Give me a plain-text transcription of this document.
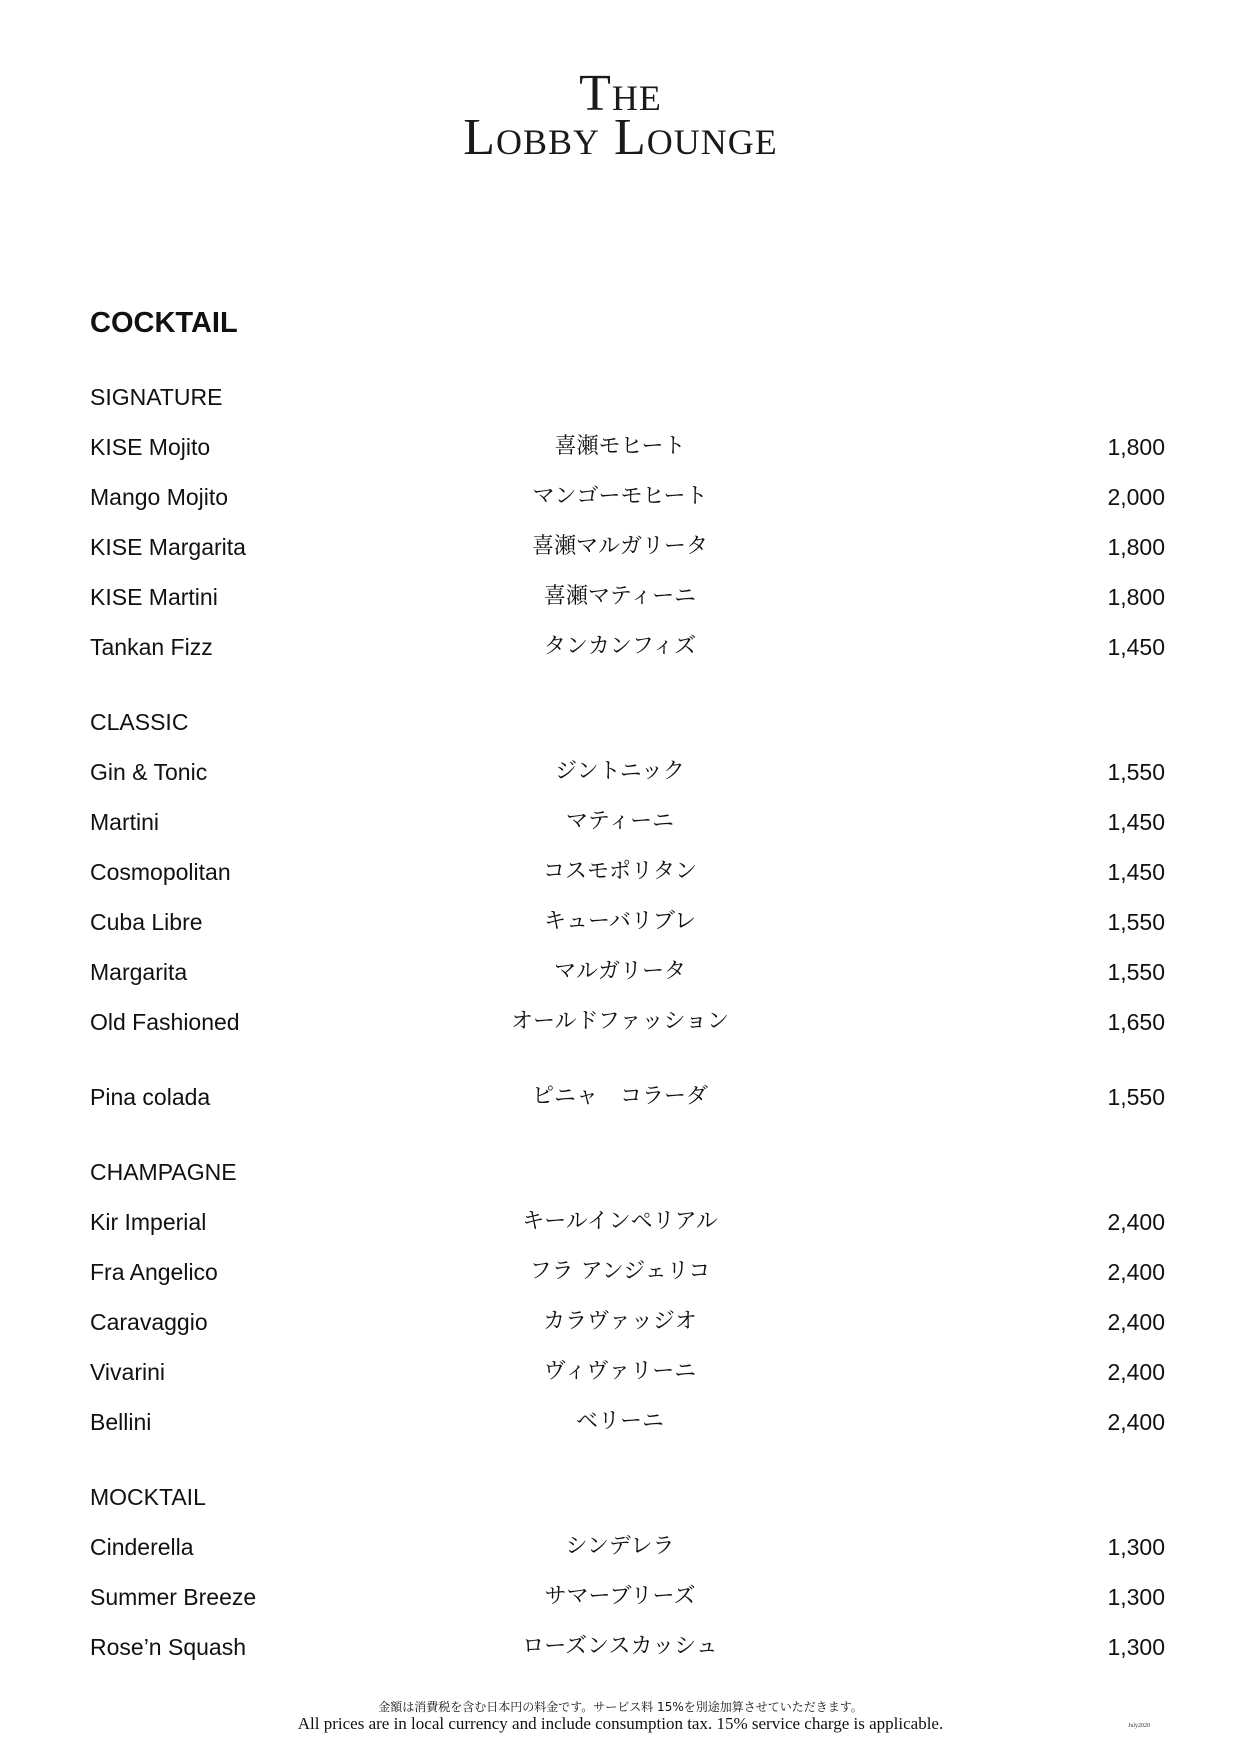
The
Lobby Lounge
COCKTAIL
SIGNATURE
KISE Mojito	喜瀬モヒート	1,800
Mango Mojito	マンゴーモヒート	2,000
KISE Margarita	喜瀬マルガリータ	1,800
KISE Martini	喜瀬マティーニ	1,800
Tankan Fizz	タンカンフィズ	1,450
CLASSIC
Gin & Tonic	ジントニック	1,550
Martini	マティーニ	1,450
Cosmopolitan	コスモポリタン	1,450
Cuba Libre	キューバリブレ	1,550
Margarita	マルガリータ	1,550
Old Fashioned	オールドファッション	1,650
Pina colada	ピニャ　コラーダ	1,550
CHAMPAGNE
Kir Imperial	キールインペリアル	2,400
Fra Angelico	フラ アンジェリコ	2,400
Caravaggio	カラヴァッジオ	2,400
Vivarini	ヴィヴァリーニ	2,400
Bellini	ベリーニ	2,400
MOCKTAIL
Cinderella	シンデレラ	1,300
Summer Breeze	サマーブリーズ	1,300
Rose’n Squash	ローズンスカッシュ	1,300
金額は消費税を含む日本円の料金です。サービス料 15%を別途加算させていただきます。
All prices are in local currency and include consumption tax. 15% service charge is applicable.	July2020
